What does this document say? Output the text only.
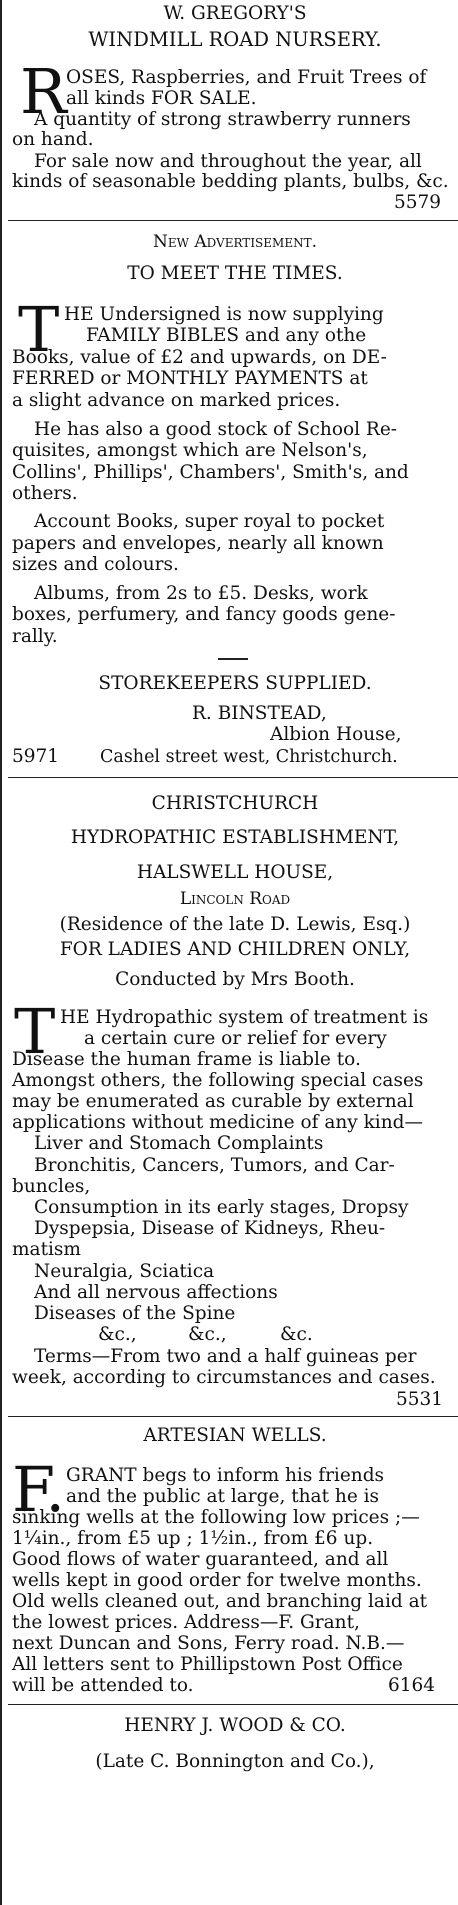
W. GREGORY'S
WINDMILL ROAD NURSERY.
R OSES, Raspberries, and Fruit Trees of
all kinds FOR SALE.
A quantity of strong strawberry runners
on hand.
For sale now and throughout the year, all
kinds of seasonable bedding plants, bulbs, &c.
5579
New Advertisement.
TO MEET THE TIMES.
T HE Undersigned is now supplying
FAMILY BIBLES and any othe
Books, value of £2 and upwards, on DE-
FERRED or MONTHLY PAYMENTS at
a slight advance on marked prices.
He has also a good stock of School Re-
quisites, amongst which are Nelson's,
Collins', Phillips', Chambers', Smith's, and
others.
Account Books, super royal to pocket
papers and envelopes, nearly all known
sizes and colours.
Albums, from 2s to £5. Desks, work
boxes, perfumery, and fancy goods gene-
rally.
STOREKEEPERS SUPPLIED.
R. BINSTEAD,
Albion House,
5971 Cashel street west, Christchurch.
CHRISTCHURCH
HYDROPATHIC ESTABLISHMENT,
HALSWELL HOUSE,
Lincoln Road
(Residence of the late D. Lewis, Esq.)
FOR LADIES AND CHILDREN ONLY,
Conducted by Mrs Booth.
T HE Hydropathic system of treatment is
a certain cure or relief for every
Disease the human frame is liable to.
Amongst others, the following special cases
may be enumerated as curable by external
applications without medicine of any kind—
Liver and Stomach Complaints
Bronchitis, Cancers, Tumors, and Car-
buncles,
Consumption in its early stages, Dropsy
Dyspepsia, Disease of Kidneys, Rheu-
matism
Neuralgia, Sciatica
And all nervous affections
Diseases of the Spine
&c.,	&c.,	&c.
Terms—From two and a half guineas per
week, according to circumstances and cases.
5531
ARTESIAN WELLS.
F. GRANT begs to inform his friends
and the public at large, that he is
sinking wells at the following low prices ;—
1¼in., from £5 up ; 1½in., from £6 up.
Good flows of water guaranteed, and all
wells kept in good order for twelve months.
Old wells cleaned out, and branching laid at
the lowest prices. Address—F. Grant,
next Duncan and Sons, Ferry road. N.B.—
All letters sent to Phillipstown Post Office
will be attended to.	6164
HENRY J. WOOD & CO.
(Late C. Bonnington and Co.),
